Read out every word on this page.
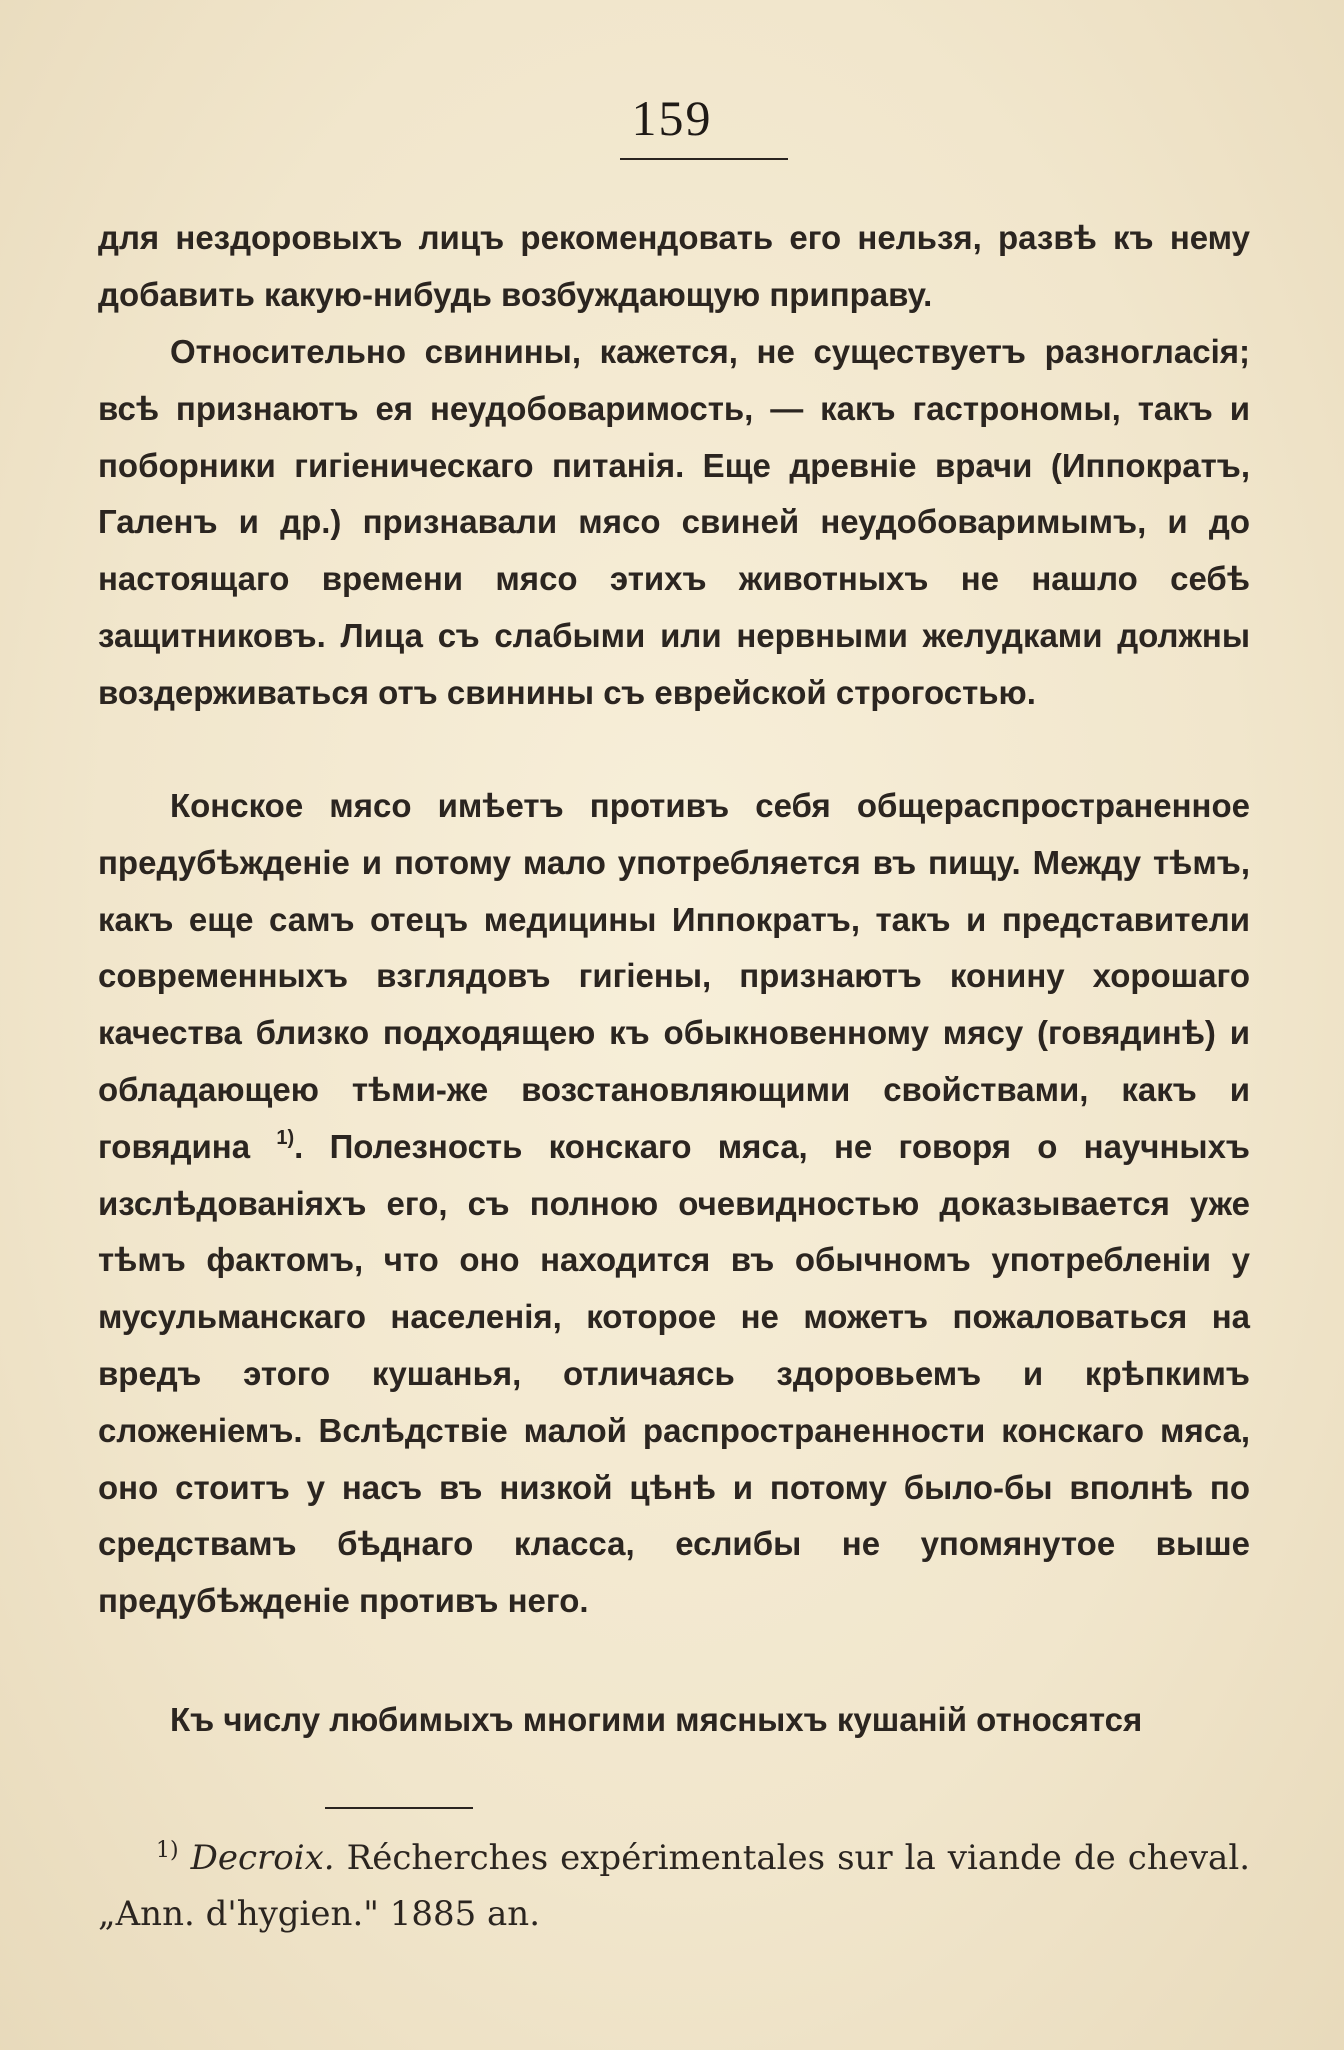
159

для нездоровыхъ лицъ рекомендовать его нельзя, развѣ къ нему добавить какую-нибудь возбуждающую приправу.

Относительно свинины, кажется, не существуетъ разногласія; всѣ признаютъ ея неудобоваримость, — какъ гастрономы, такъ и поборники гигіеническаго питанія. Еще древніе врачи (Иппократъ, Галенъ и др.) признавали мясо свиней неудобоваримымъ, и до настоящаго времени мясо этихъ животныхъ не нашло себѣ защитниковъ. Лица съ слабыми или нервными желудками должны воздерживаться отъ свинины съ еврейской строгостью.

Конское мясо имѣетъ противъ себя общераспространенное предубѣжденіе и потому мало употребляется въ пищу. Между тѣмъ, какъ еще самъ отецъ медицины Иппократъ, такъ и представители современныхъ взглядовъ гигіены, признаютъ конину хорошаго качества близко подходящею къ обыкновенному мясу (говядинѣ) и обладающею тѣми-же возстановляющими свойствами, какъ и говядина $^{1)}$. Полезность конскаго мяса, не говоря о научныхъ изслѣдованіяхъ его, съ полною очевидностью доказывается уже тѣмъ фактомъ, что оно находится въ обычномъ употребленіи у мусульманскаго населенія, которое не можетъ пожаловаться на вредъ этого кушанья, отличаясь здоровьемъ и крѣпкимъ сложеніемъ. Вслѣдствіе малой распространенности конскаго мяса, оно стоитъ у насъ въ низкой цѣнѣ и потому было-бы вполнѣ по средствамъ бѣднаго класса, еслибы не упомянутое выше предубѣжденіе противъ него.

Къ числу любимыхъ многими мясныхъ кушаній относятся

$^{1)}$ Decroix. Récherches expérimentales sur la viande de cheval. „Ann. d'hygien." 1885 an.
